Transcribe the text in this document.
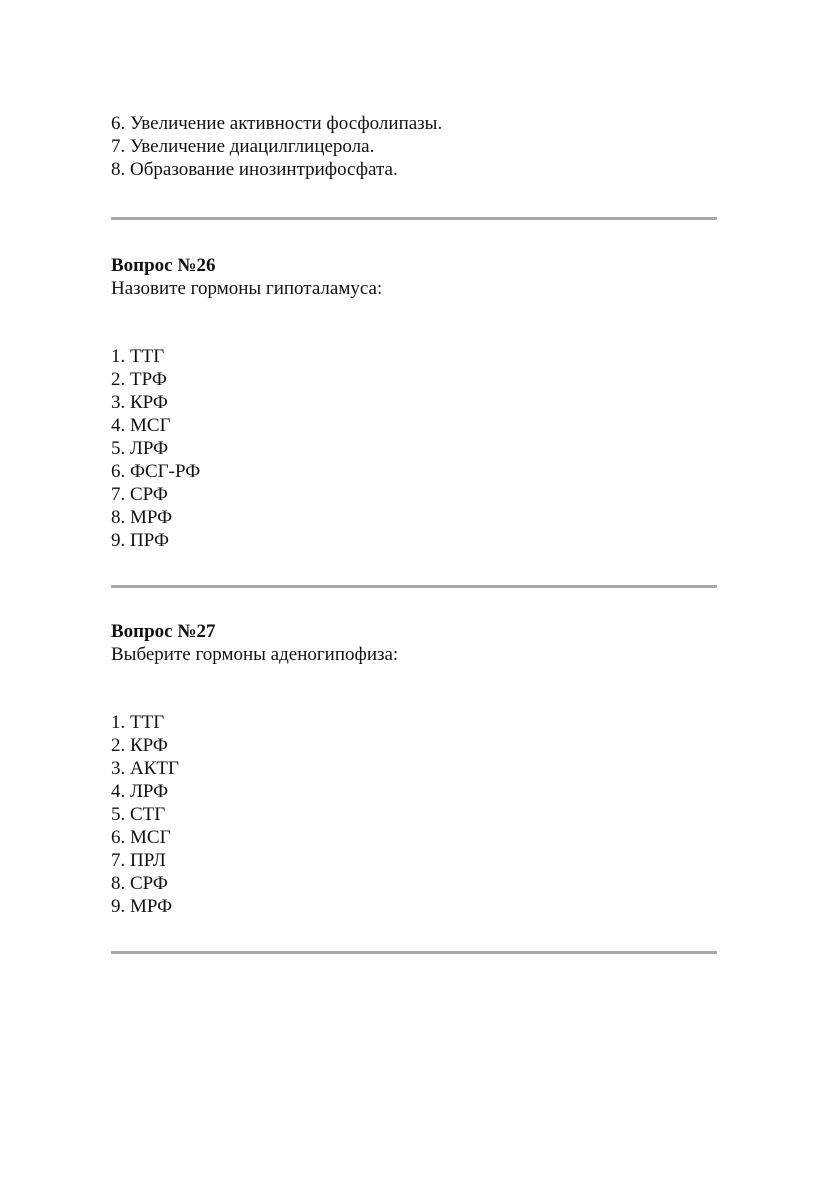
6. Увеличение активности фосфолипазы.
7. Увеличение диацилглицерола.
8. Образование инозинтрифосфата.
Вопрос №26
Назовите гормоны гипоталамуса:
1. ТТГ
2. ТРФ
3. КРФ
4. МСГ
5. ЛРФ
6. ФСГ-РФ
7. СРФ
8. МРФ
9. ПРФ
Вопрос №27
Выберите гормоны аденогипофиза:
1. ТТГ
2. КРФ
3. АКТГ
4. ЛРФ
5. СТГ
6. МСГ
7. ПРЛ
8. СРФ
9. МРФ
